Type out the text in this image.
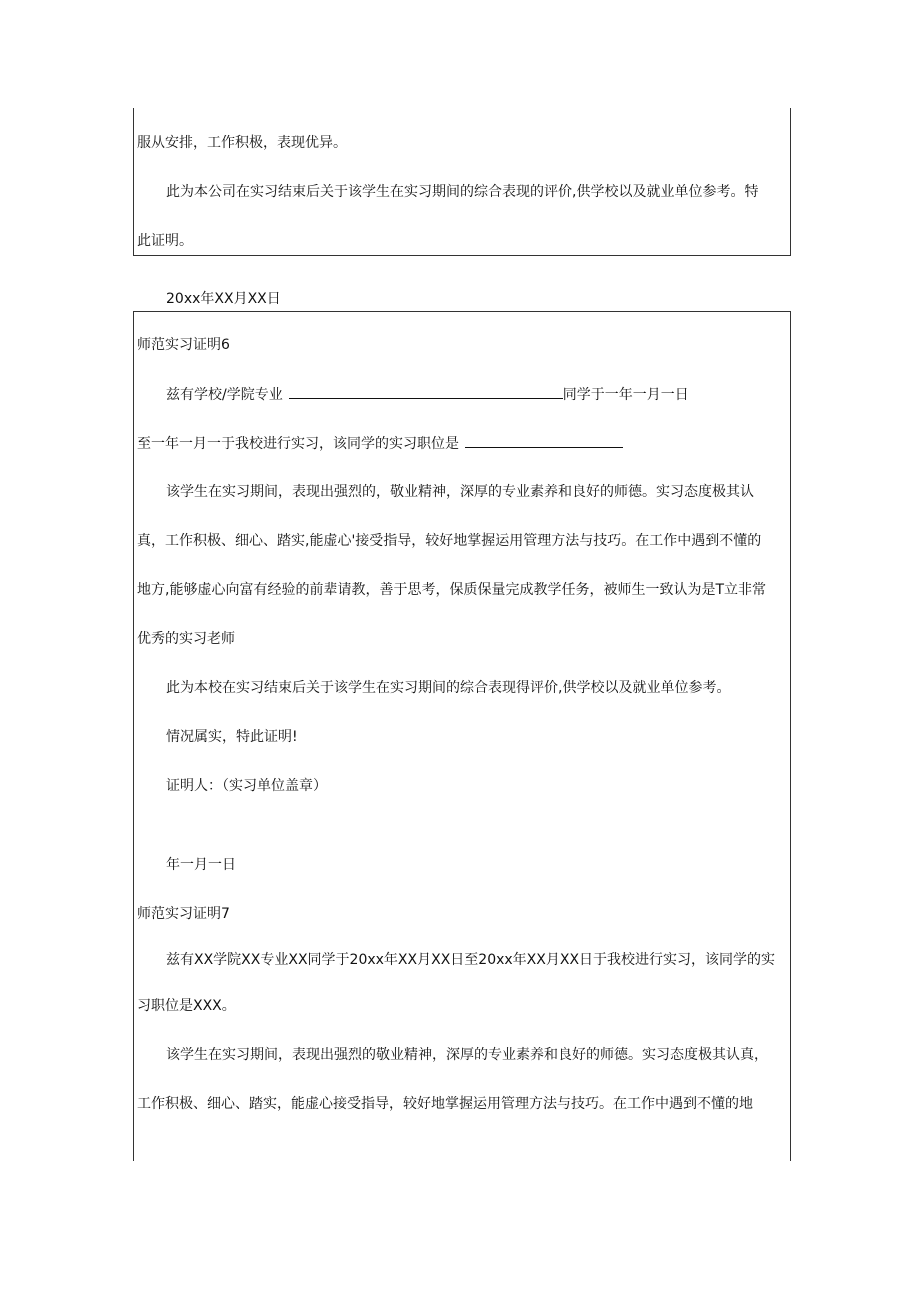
服从安排，工作积极，表现优异。
此为本公司在实习结束后关于该学生在实习期间的综合表现的评价,供学校以及就业单位参考。特
此证明。
20xx年XX月XX日
师范实习证明6
兹有学校/学院专业	同学于一年一月一日
至一年一月一于我校进行实习，该同学的实习职位是
该学生在实习期间，表现出强烈的，敬业精神，深厚的专业素养和良好的师德。实习态度极其认
真，工作积极、细心、踏实,能虚心'接受指导，较好地掌握运用管理方法与技巧。在工作中遇到不懂的
地方,能够虚心向富有经验的前辈请教，善于思考，保质保量完成教学任务，被师生一致认为是T立非常
优秀的实习老师
此为本校在实习结束后关于该学生在实习期间的综合表现得评价,供学校以及就业单位参考。
情况属实，特此证明!
证明人：（实习单位盖章）
年一月一日
师范实习证明7
兹有XX学院XX专业XX同学于20xx年XX月XX日至20xx年XX月XX日于我校进行实习，该同学的实
习职位是XXX。
该学生在实习期间，表现出强烈的敬业精神，深厚的专业素养和良好的师德。实习态度极其认真，
工作积极、细心、踏实，能虚心接受指导，较好地掌握运用管理方法与技巧。在工作中遇到不懂的地
